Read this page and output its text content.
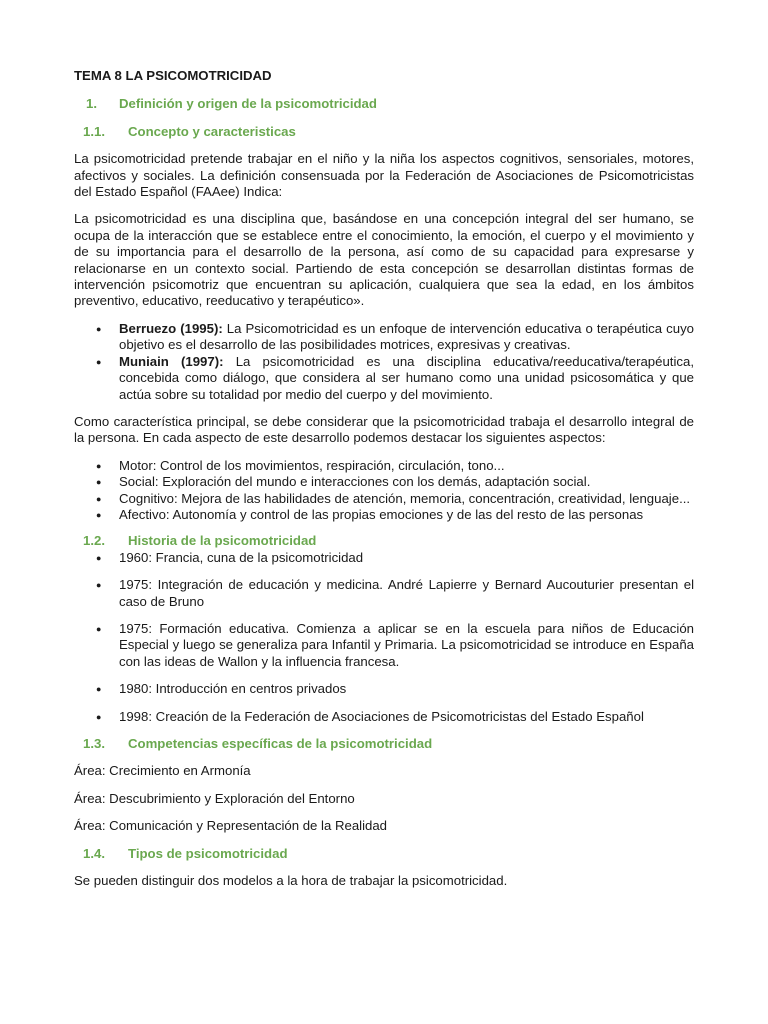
TEMA 8 LA PSICOMOTRICIDAD
1.	Definición y origen de la psicomotricidad
1.1.	Concepto y caracteristicas

La psicomotricidad pretende trabajar en el niño y la niña los aspectos cognitivos, sensoriales, motores, afectivos y sociales. La definición consensuada por la Federación de Asociaciones de Psicomotricistas del Estado Español (FAAee) Indica:

La psicomotricidad es una disciplina que, basándose en una concepción integral del ser humano, se ocupa de la interacción que se establece entre el conocimiento, la emoción, el cuerpo y el movimiento y de su importancia para el desarrollo de la persona, así como de su capacidad para expresarse y relacionarse en un contexto social. Partiendo de esta concepción se desarrollan distintas formas de intervención psicomotriz que encuentran su aplicación, cualquiera que sea la edad, en los ámbitos preventivo, educativo, reeducativo y terapéutico».

● Berruezo (1995): La Psicomotricidad es un enfoque de intervención educativa o terapéutica cuyo objetivo es el desarrollo de las posibilidades motrices, expresivas y creativas.
● Muniain (1997): La psicomotricidad es una disciplina educativa/reeducativa/terapéutica, concebida como diálogo, que considera al ser humano como una unidad psicosomática y que actúa sobre su totalidad por medio del cuerpo y del movimiento.

Como característica principal, se debe considerar que la psicomotricidad trabaja el desarrollo integral de la persona. En cada aspecto de este desarrollo podemos destacar los siguientes aspectos:

● Motor: Control de los movimientos, respiración, circulación, tono...
● Social: Exploración del mundo e interacciones con los demás, adaptación social.
● Cognitivo: Mejora de las habilidades de atención, memoria, concentración, creatividad, lenguaje...
● Afectivo: Autonomía y control de las propias emociones y de las del resto de las personas
1.2.	Historia de la psicomotricidad
● 1960: Francia, cuna de la psicomotricidad
● 1975: Integración de educación y medicina. André Lapierre y Bernard Aucouturier presentan el caso de Bruno
● 1975: Formación educativa. Comienza a aplicar se en la escuela para niños de Educación Especial y luego se generaliza para Infantil y Primaria. La psicomotricidad se introduce en España con las ideas de Wallon y la influencia francesa.
● 1980: Introducción en centros privados
● 1998: Creación de la Federación de Asociaciones de Psicomotricistas del Estado Español
1.3.	Competencias específicas de la psicomotricidad
Área: Crecimiento en Armonía
Área: Descubrimiento y Exploración del Entorno
Área: Comunicación y Representación de la Realidad
1.4.	Tipos de psicomotricidad

Se pueden distinguir dos modelos a la hora de trabajar la psicomotricidad.
